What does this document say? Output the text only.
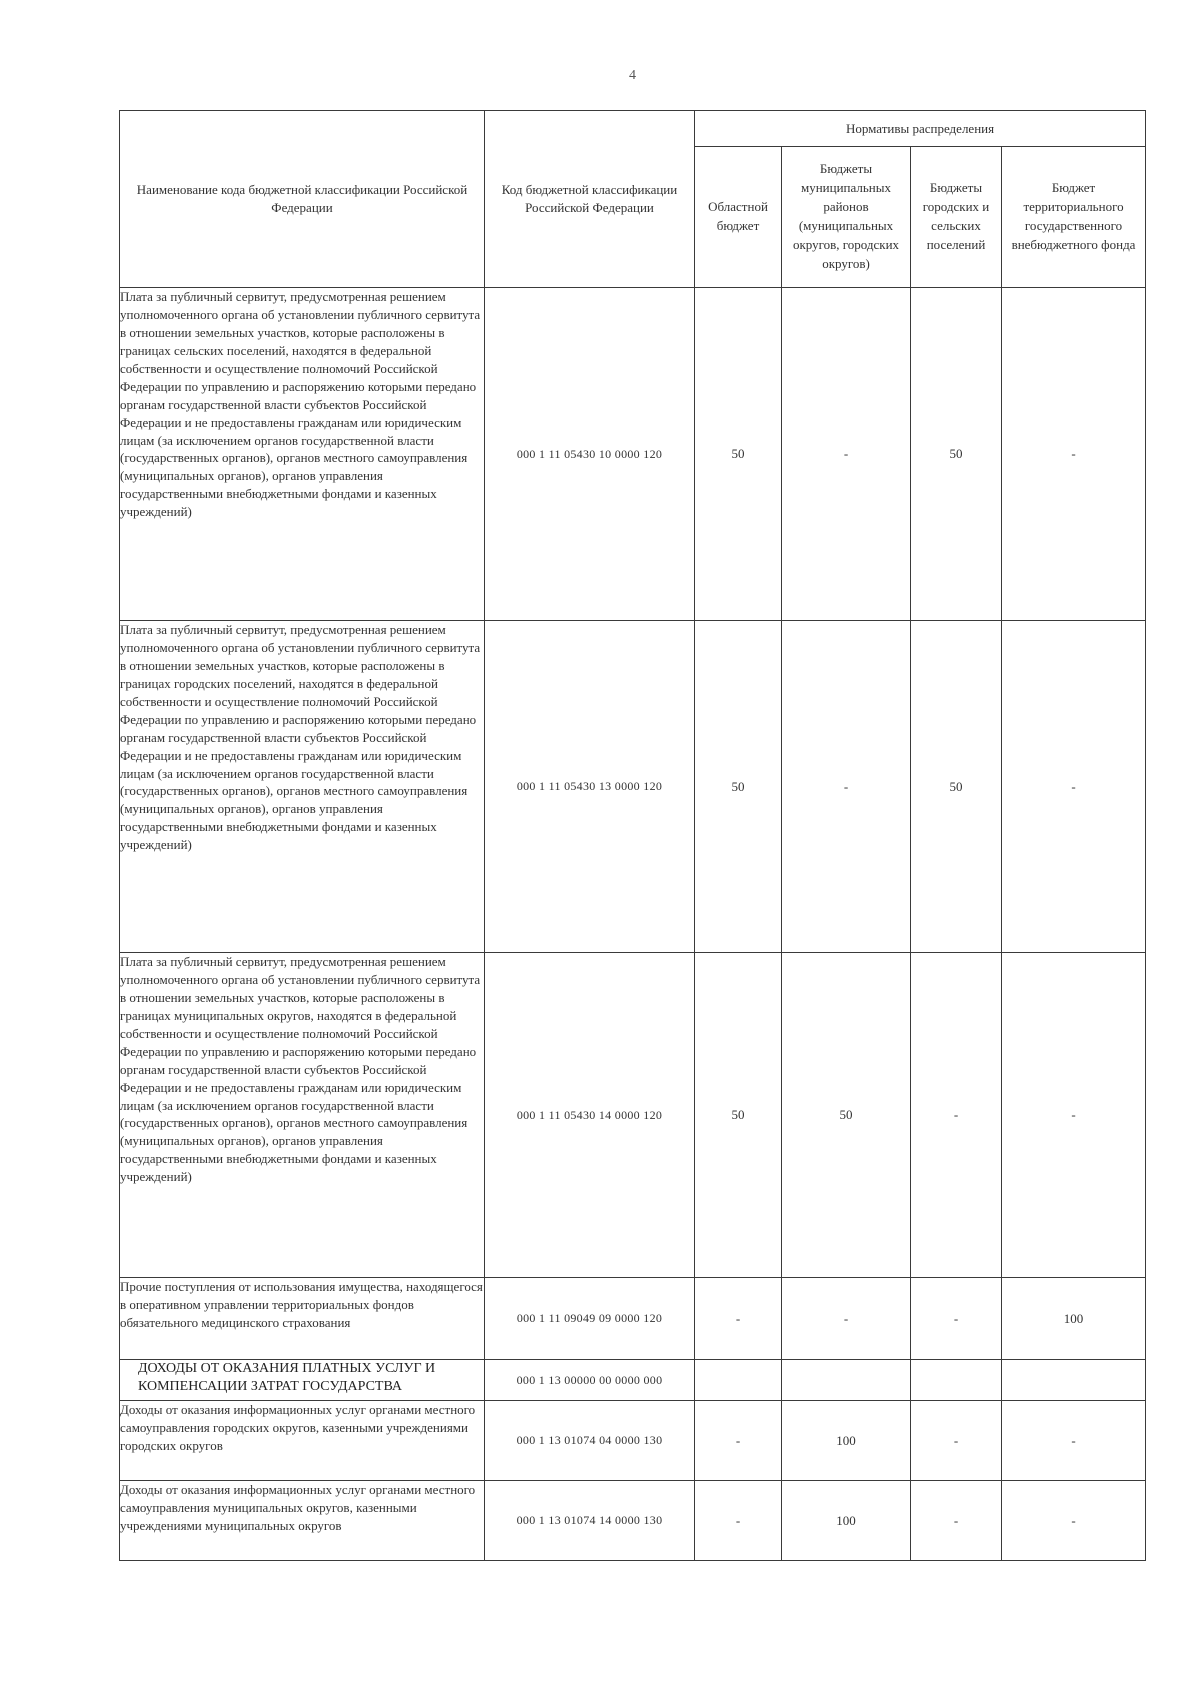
4
Наименование кода бюджетной классификации Российской Федерации	Код бюджетной классификации Российской Федерации	Нормативы распределения			
		Областной бюджет	Бюджеты муниципальных районов (муниципальных округов, городских округов)	Бюджеты городских и сельских поселений	Бюджет территориального государственного внебюджетного фонда
Плата за публичный сервитут, предусмотренная решением уполномоченного органа об установлении публичного сервитута в отношении земельных участков, которые расположены в границах сельских поселений, находятся в федеральной собственности и осуществление полномочий Российской Федерации по управлению и распоряжению которыми передано органам государственной власти субъектов Российской Федерации и не предоставлены гражданам или юридическим лицам (за исключением органов государственной власти (государственных органов), органов местного самоуправления (муниципальных органов), органов управления государственными внебюджетными фондами и казенных учреждений)	000 1 11 05430 10 0000 120	50	-	50	-
Плата за публичный сервитут, предусмотренная решением уполномоченного органа об установлении публичного сервитута в отношении земельных участков, которые расположены в границах городских поселений, находятся в федеральной собственности и осуществление полномочий Российской Федерации по управлению и распоряжению которыми передано органам государственной власти субъектов Российской Федерации и не предоставлены гражданам или юридическим лицам (за исключением органов государственной власти (государственных органов), органов местного самоуправления (муниципальных органов), органов управления государственными внебюджетными фондами и казенных учреждений)	000 1 11 05430 13 0000 120	50	-	50	-
Плата за публичный сервитут, предусмотренная решением уполномоченного органа об установлении публичного сервитута в отношении земельных участков, которые расположены в границах муниципальных округов, находятся в федеральной собственности и осуществление полномочий Российской Федерации по управлению и распоряжению которыми передано органам государственной власти субъектов Российской Федерации и не предоставлены гражданам или юридическим лицам (за исключением органов государственной власти (государственных органов), органов местного самоуправления (муниципальных органов), органов управления государственными внебюджетными фондами и казенных учреждений)	000 1 11 05430 14 0000 120	50	50	-	-
Прочие поступления от использования имущества, находящегося в оперативном управлении территориальных фондов обязательного медицинского страхования	000 1 11 09049 09 0000 120	-	-	-	100
ДОХОДЫ ОТ ОКАЗАНИЯ ПЛАТНЫХ УСЛУГ И КОМПЕНСАЦИИ ЗАТРАТ ГОСУДАРСТВА	000 1 13 00000 00 0000 000				
Доходы от оказания информационных услуг органами местного самоуправления городских округов, казенными учреждениями городских округов	000 1 13 01074 04 0000 130	-	100	-	-
Доходы от оказания информационных услуг органами местного самоуправления муниципальных округов, казенными учреждениями муниципальных округов	000 1 13 01074 14 0000 130	-	100	-	-
